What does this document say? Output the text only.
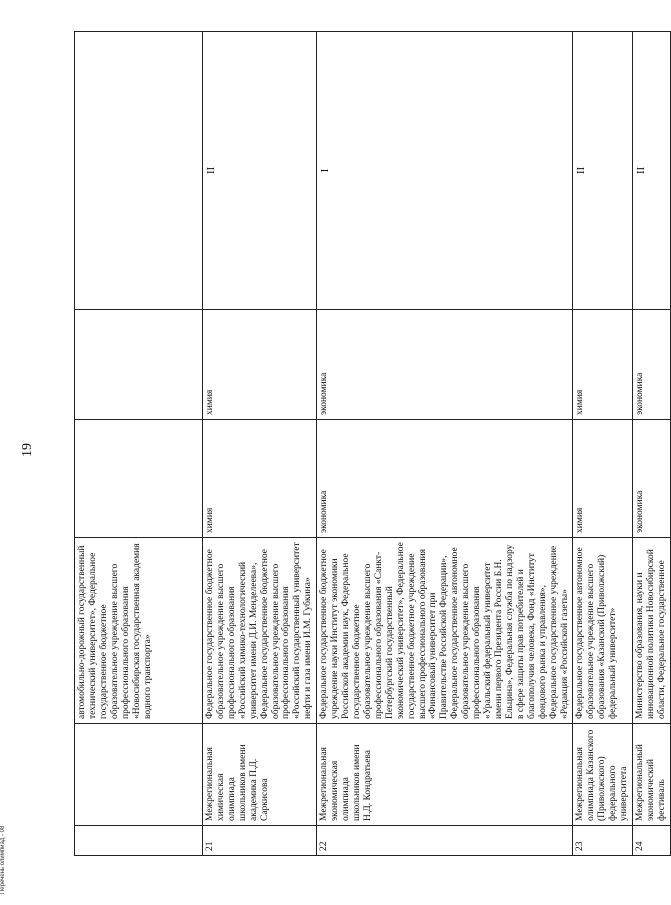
19
		автомобильно-дорожный государственный технический университет», Федеральное государственное бюджетное образовательное учреждение высшего профессионального образования «Новосибирская государственная академия водного транспорта»			
21	Межрегиональная химическая олимпиада школьников имени академика П.Д. Саркисова	Федеральное государственное бюджетное образовательное учреждение высшего профессионального образования «Российский химико-технологический университет имени Д.И. Менделеева», Федеральное государственное бюджетное образовательное учреждение высшего профессионального образования «Российский государственный университет нефти и газа имени И.М. Губкина»	химия	химия	II
22	Межрегиональная экономическая олимпиада школьников имени Н.Д. Кондратьева	Федеральное государственное бюджетное учреждение науки Институт экономики Российской академии наук, Федеральное государственное бюджетное образовательное учреждение высшего профессионального образования «Санкт-Петербургский государственный экономический университет», Федеральное государственное бюджетное учреждение высшего профессионального образования «Финансовый университет при Правительстве Российской Федерации», Федеральное государственное автономное образовательное учреждение высшего профессионального образования «Уральский федеральный университет имени первого Президента России Б.Н. Ельцина», Федеральная служба по надзору в сфере защиты прав потребителей и благополучия человека, Фонд «Институт фондового рынка и управления», Федеральное государственное учреждение «Редакция «Российской газеты»	экономика	экономика	I
23	Межрегиональная олимпиада Казанского (Приволжского) федерального университета	Федеральное государственное автономное образовательное учреждение высшего образования «Казанский (Приволжский) федеральный университет»	химия	химия	II
24	Межрегиональный экономический фестиваль	Министерство образования, науки и инновационной политики Новосибирской области, Федеральное государственное	экономика	экономика	II
Перечень олимпиад - 08
